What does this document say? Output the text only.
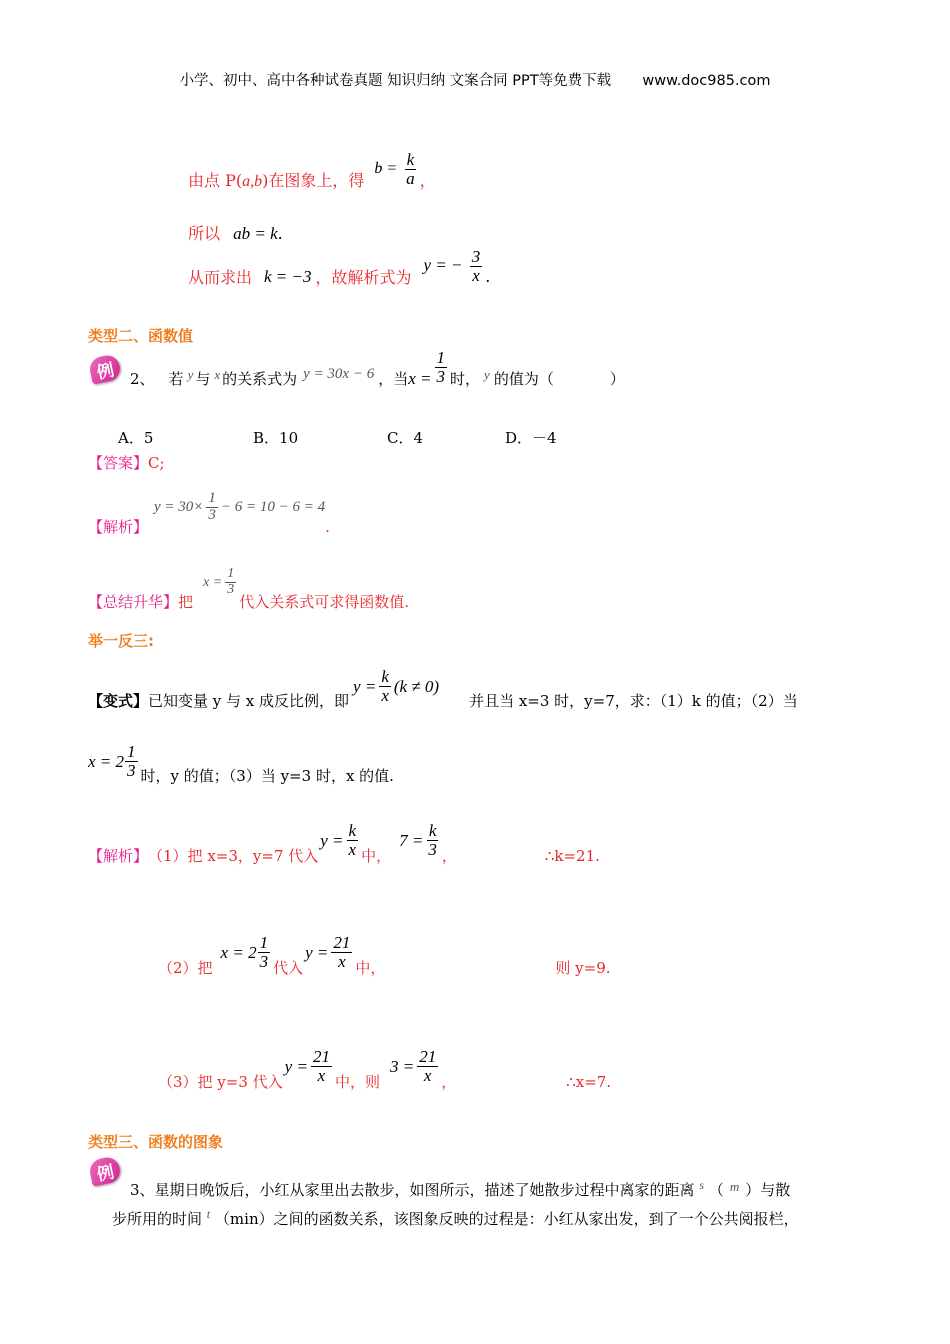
小学、初中、高中各种试卷真题 知识归纳 文案合同 PPT等免费下载 www.doc985.com
由点 P(a,b)在图象上，得
$b = \frac{k}{a}$ ，
所以 ab = k.
从而求出 k = −3 ，故解析式为
y = − $\frac{3}{x}$ .
类型二、函数值
例 2、 若 y 与 x 的关系式为 y = 30x − 6 ，当 $x = \frac{1}{3}$ 时， y 的值为（	）
A．5	B．10	C．4	D．－4
【答案】C;
【解析】
$y = 30\times \frac{1}{3} - 6 = 10 - 6 = 4$
.
【总结升华】 把
$x = \frac{1}{3}$
代入关系式可求得函数值.
举一反三:
【变式】 已知变量 y 与 x 成反比例，即
$y = \frac{k}{x} (k \ne 0)$
并且当 x=3 时，y=7，求：（1）k 的值；（2）当
$x = 2 \frac{1}{3}$ 时，y 的值；（3）当 y=3 时，x 的值.
【解析】 （1）把 x=3，y=7 代入
$y = \frac{k}{x}$ 中，
$7 = \frac{k}{3}$ ，	∴k=21.
（2）把
$x = 2 \frac{1}{3}$ 代入
$y = \frac{21}{x}$ 中，	则 y=9.
（3）把 y=3 代入
$y = \frac{21}{x}$ 中，则
$3 = \frac{21}{x}$ ，	∴x=7.
类型三、函数的图象
例
3、星期日晚饭后，小红从家里出去散步，如图所示，描述了她散步过程中离家的距离 $^s$ （ m ）与散
步所用的时间 $^t$ （min）之间的函数关系，该图象反映的过程是：小红从家出发，到了一个公共阅报栏，
